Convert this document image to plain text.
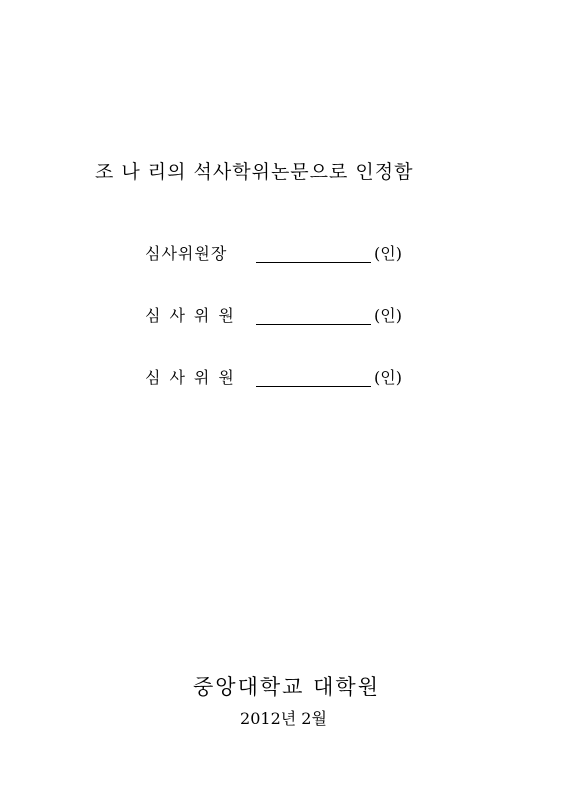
조 나 리의 석사학위논문으로 인정함
심사위원장	(인)
심사위원	(인)
심사위원	(인)
중앙대학교 대학원
2012년 2월
